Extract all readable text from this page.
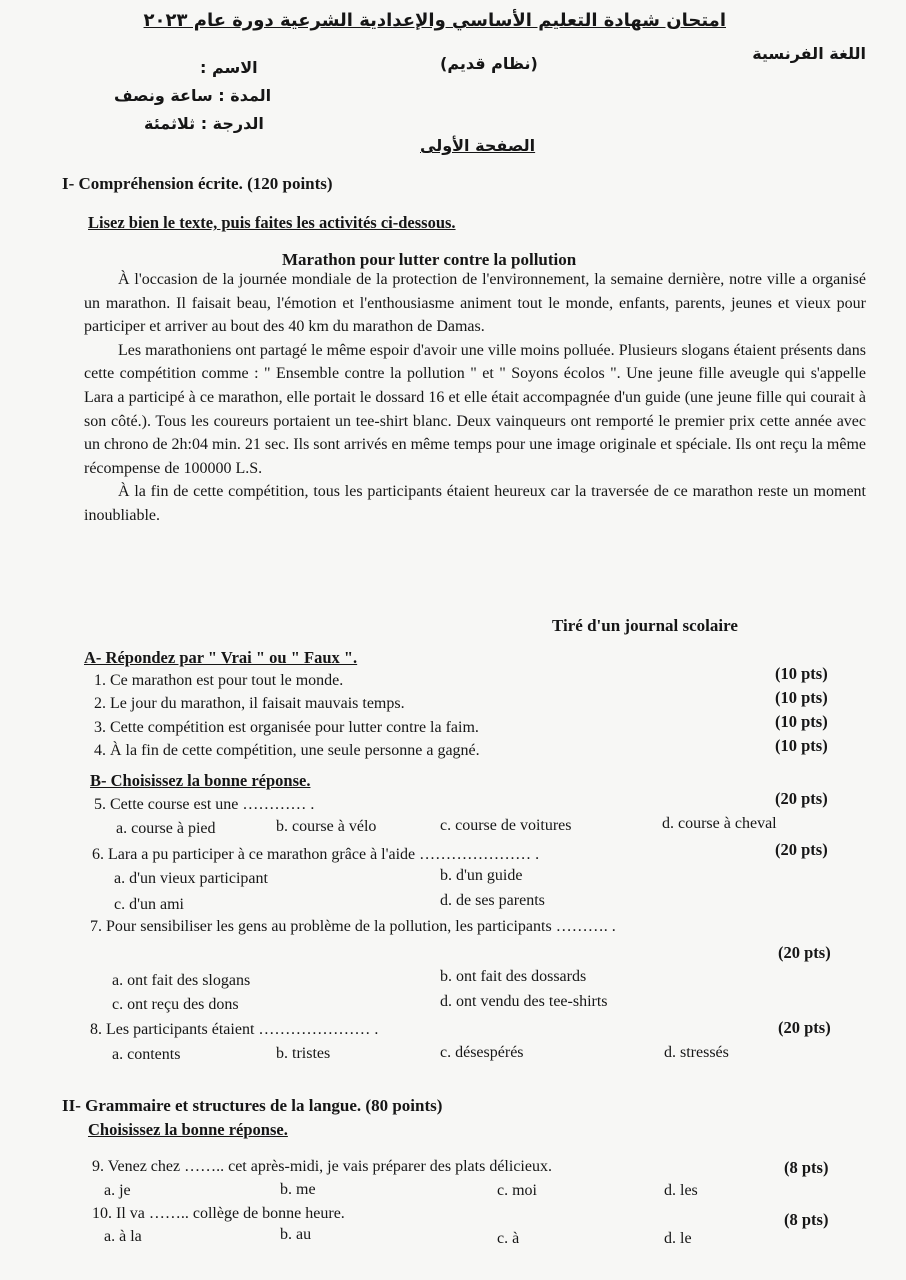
امتحان شهادة التعليم الأساسي والإعدادية الشرعية دورة عام ٢٠٢٣
اللغة الفرنسية
(نظام قديم)
الاسم :
المدة : ساعة ونصف
الدرجة : ثلاثمئة
الصفحة الأولى
I- Compréhension écrite. (120 points)
Lisez bien le texte, puis faites les activités ci-dessous.
Marathon pour lutter contre la pollution

À l'occasion de la journée mondiale de la protection de l'environnement, la semaine dernière, notre ville a organisé un marathon. Il faisait beau, l'émotion et l'enthousiasme animent tout le monde, enfants, parents, jeunes et vieux pour participer et arriver au bout des 40 km du marathon de Damas.

Les marathoniens ont partagé le même espoir d'avoir une ville moins polluée. Plusieurs slogans étaient présents dans cette compétition comme : " Ensemble contre la pollution " et " Soyons écolos ". Une jeune fille aveugle qui s'appelle Lara a participé à ce marathon, elle portait le dossard 16 et elle était accompagnée d'un guide (une jeune fille qui courait à son côté.). Tous les coureurs portaient un tee-shirt blanc. Deux vainqueurs ont remporté le premier prix cette année avec un chrono de 2h:04 min. 21 sec. Ils sont arrivés en même temps pour une image originale et spéciale. Ils ont reçu la même récompense de 100000 L.S.

À la fin de cette compétition, tous les participants étaient heureux car la traversée de ce marathon reste un moment inoubliable.

Tiré d'un journal scolaire
A- Répondez par " Vrai " ou " Faux ".
1. Ce marathon est pour tout le monde.	(10 pts)
2. Le jour du marathon, il faisait mauvais temps.	(10 pts)
3. Cette compétition est organisée pour lutter contre la faim.	(10 pts)
4. À la fin de cette compétition, une seule personne a gagné.	(10 pts)
B- Choisissez la bonne réponse.
5. Cette course est une ………… .	(20 pts)
a. course à pied	b. course à vélo	c. course de voitures	d. course à cheval
6. Lara a pu participer à ce marathon grâce à l'aide ………………… .	(20 pts)
a. d'un vieux participant	b. d'un guide
c. d'un ami	d. de ses parents
7. Pour sensibiliser les gens au problème de la pollution, les participants ………. .
(20 pts)
a. ont fait des slogans	b. ont fait des dossards
c. ont reçu des dons	d. ont vendu des tee-shirts
8. Les participants étaient ………………… .	(20 pts)
a. contents	b. tristes	c. désespérés	d. stressés
II- Grammaire et structures de la langue. (80 points)
Choisissez la bonne réponse.
9. Venez chez …….. cet après-midi, je vais préparer des plats délicieux.	(8 pts)
a. je	b. me	c. moi	d. les
10. Il va …….. collège de bonne heure.	(8 pts)
a. à la	b. au	c. à	d. le
